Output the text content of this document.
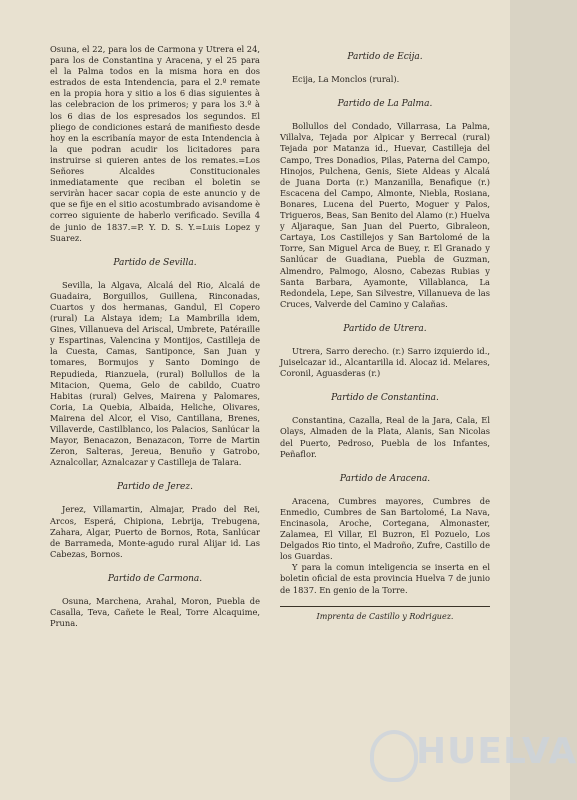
Osuna, el 22, para los de Carmona y Utrera el 24, para los de Constantina y Aracena, y el 25 para el la Palma todos en la misma hora en dos estrados de esta Intendencia, para el 2.º remate en la propia hora y sitio a los 6 dias siguientes à las celebracion de los primeros; y para los 3.º à los 6 dias de los espresados los segundos. El pliego de condiciones estará de manifiesto desde hoy en la escribanía mayor de esta Intendencia à la que podran acudir los licitadores para instruirse si quieren antes de los remates.=Los Señores Alcaldes Constitucionales inmediatamente que reciban el boletin se serviràn hacer sacar copia de este anuncio y de que se fije en el sitio acostumbrado avisandome è correo siguiente de haberlo verificado. Sevilla 4 de junio de 1837.=P. Y. D. S. Y.=Luis Lopez y Suarez.

Partido de Sevilla.

Sevilla, la Algava, Alcalá del Rio, Alcalá de Guadaira, Borguillos, Guillena, Rinconadas, Cuartos y dos hermanas, Gandul, El Copero (rural) La Alstaya idem; La Mambrilla idem, Gines, Villanueva del Ariscal, Umbrete, Patéraille y Espartinas, Valencina y Montijos, Castilleja de la Cuesta, Camas, Santiponce, San Juan y tomares, Bormujos y Santo Domingo de Repudieda, Rianzuela, (rural) Bollullos de la Mitacion, Quema, Gelo de cabildo, Cuatro Habitas (rural) Gelves, Mairena y Palomares, Coria, La Quebia, Albaida, Heliche, Olivares, Mairena del Alcor, el Viso, Cantillana, Brenes, Villaverde, Castilblanco, los Palacios, Sanlúcar la Mayor, Benacazon, Benazacon, Torre de Martin Zeron, Salteras, Jereua, Benuño y Gatrobo, Aznalcollar, Aznalcazar y Castilleja de Talara.

Partido de Jerez.

Jerez, Villamartin, Almajar, Prado del Rei, Arcos, Esperá, Chipiona, Lebrija, Trebugena, Zahara, Algar, Puerto de Bornos, Rota, Sanlúcar de Barrameda, Monte-agudo rural Alijar id. Las Cabezas, Bornos.

Partido de Carmona.

Osuna, Marchena, Arahal, Moron, Puebla de Casalla, Teva, Cañete le Real, Torre Alcaquime, Pruna.

Partido de Ecija.

Ecija, La Monclos (rural).

Partido de La Palma.

Bollullos del Condado, Villarrasa, La Palma, Villalva, Tejada por Alpicar y Berrecal (rural) Tejada por Matanza id., Huevar, Castilleja del Campo, Tres Donadios, Pilas, Paterna del Campo, Hinojos, Pulchena, Genis, Siete Aldeas y Alcalá de Juana Dorta (r.) Manzanilla, Benafique (r.) Escacena del Campo, Almonte, Niebla, Rosiana, Bonares, Lucena del Puerto, Moguer y Palos, Trigueros, Beas, San Benito del Alamo (r.) Huelva y Aljaraque, San Juan del Puerto, Gibraleon, Cartaya, Los Castillejos y San Bartolomé de la Torre, San Miguel Arca de Buey, r. El Granado y Sanlúcar de Guadiana, Puebla de Guzman, Almendro, Palmogo, Alosno, Cabezas Rubias y Santa Barbara, Ayamonte, Villablanca, La Redondela, Lepe, San Silvestre, Villanueva de las Cruces, Valverde del Camino y Calañas.

Partido de Utrera.

Utrera, Sarro derecho. (r.) Sarro izquierdo id., Juiselcazar id., Alcantarilla id. Alocaz id. Melares, Coronil, Aguasderas (r.)

Partido de Constantina.

Constantina, Cazalla, Real de la Jara, Cala, El Olays, Almaden de la Plata, Alanis, San Nicolas del Puerto, Pedroso, Puebla de los Infantes, Peñaflor.

Partido de Aracena.

Aracena, Cumbres mayores, Cumbres de Enmedio, Cumbres de San Bartolomé, La Nava, Encinasola, Aroche, Cortegana, Almonaster, Zalamea, El Villar, El Buzron, El Pozuelo, Los Delgados Rio tinto, el Madroño, Zufre, Castillo de los Guardas.

Y para la comun inteligencia se inserta en el boletin oficial de esta provincia Huelva 7 de junio de 1837. En genio de la Torre.

Imprenta de Castillo y Rodriguez.
HUELVA
